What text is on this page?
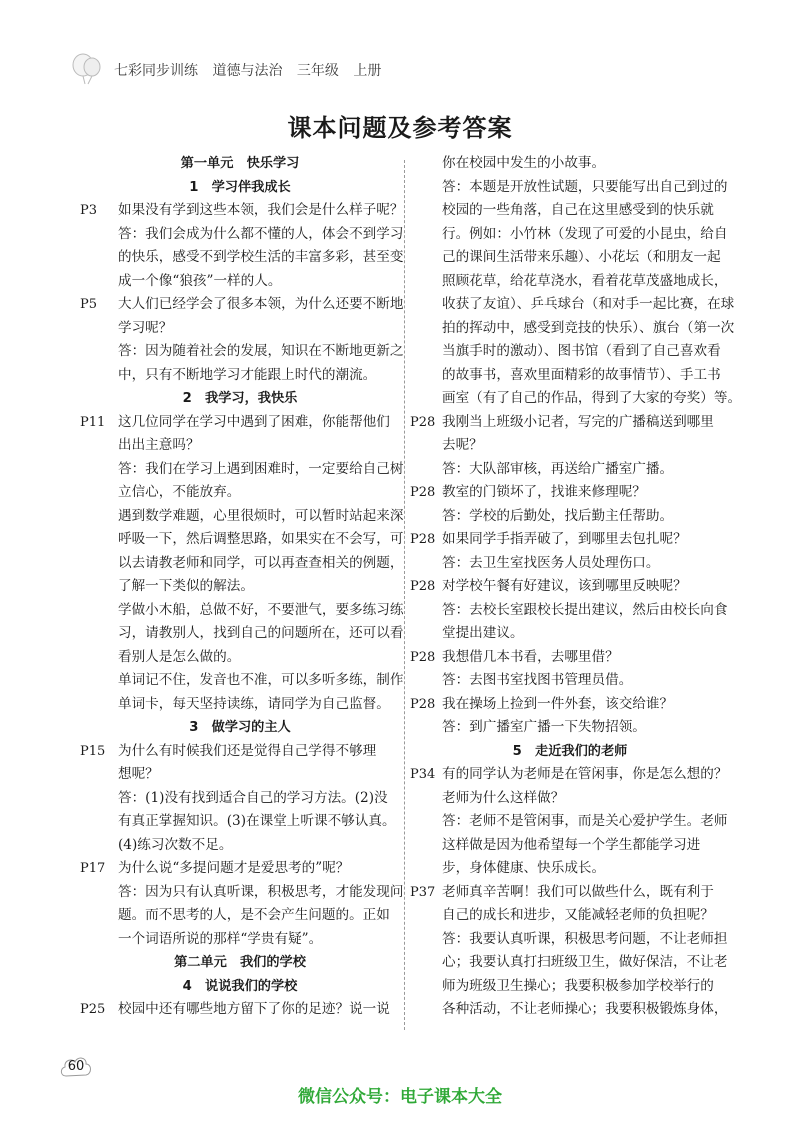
七彩同步训练 道德与法治 三年级 上册
课本问题及参考答案
第一单元　快乐学习
1　学习伴我成长
P3	如果没有学到这些本领，我们会是什么样子呢？
答：我们会成为什么都不懂的人，体会不到学习
的快乐，感受不到学校生活的丰富多彩，甚至变
成一个像“狼孩”一样的人。
P5	大人们已经学会了很多本领，为什么还要不断地
学习呢？
答：因为随着社会的发展，知识在不断地更新之
中，只有不断地学习才能跟上时代的潮流。
2　我学习，我快乐
P11 这几位同学在学习中遇到了困难，你能帮他们
出出主意吗？
答：我们在学习上遇到困难时，一定要给自己树
立信心，不能放弃。
遇到数学难题，心里很烦时，可以暂时站起来深
呼吸一下，然后调整思路，如果实在不会写，可
以去请教老师和同学，可以再查查相关的例题，
了解一下类似的解法。
学做小木船，总做不好，不要泄气，要多练习练
习，请教别人，找到自己的问题所在，还可以看
看别人是怎么做的。
单词记不住，发音也不准，可以多听多练，制作
单词卡，每天坚持读练，请同学为自己监督。
3　做学习的主人
P15 为什么有时候我们还是觉得自己学得不够理
想呢？
答：(1)没有找到适合自己的学习方法。(2)没
有真正掌握知识。(3)在课堂上听课不够认真。
(4)练习次数不足。
P17 为什么说“多提问题才是爱思考的”呢？
答：因为只有认真听课，积极思考，才能发现问
题。而不思考的人，是不会产生问题的。正如
一个词语所说的那样“学贵有疑”。
第二单元　我们的学校
4　说说我们的学校
P25 校园中还有哪些地方留下了你的足迹？说一说
你在校园中发生的小故事。
答：本题是开放性试题，只要能写出自己到过的
校园的一些角落，自己在这里感受到的快乐就
行。例如：小竹林（发现了可爱的小昆虫，给自
己的课间生活带来乐趣）、小花坛（和朋友一起
照顾花草，给花草浇水，看着花草茂盛地成长，
收获了友谊）、乒乓球台（和对手一起比赛，在球
拍的挥动中，感受到竞技的快乐）、旗台（第一次
当旗手时的激动）、图书馆（看到了自己喜欢看
的故事书，喜欢里面精彩的故事情节）、手工书
画室（有了自己的作品，得到了大家的夸奖）等。
P28 我刚当上班级小记者，写完的广播稿送到哪里
去呢？
答：大队部审核，再送给广播室广播。
P28 教室的门锁坏了，找谁来修理呢？
答：学校的后勤处，找后勤主任帮助。
P28 如果同学手指弄破了，到哪里去包扎呢？
答：去卫生室找医务人员处理伤口。
P28 对学校午餐有好建议，该到哪里反映呢？
答：去校长室跟校长提出建议，然后由校长向食
堂提出建议。
P28 我想借几本书看，去哪里借？
答：去图书室找图书管理员借。
P28 我在操场上捡到一件外套，该交给谁？
答：到广播室广播一下失物招领。
5　走近我们的老师
P34 有的同学认为老师是在管闲事，你是怎么想的？
老师为什么这样做？
答：老师不是管闲事，而是关心爱护学生。老师
这样做是因为他希望每一个学生都能学习进
步，身体健康、快乐成长。
P37 老师真辛苦啊！我们可以做些什么，既有利于
自己的成长和进步，又能减轻老师的负担呢？
答：我要认真听课，积极思考问题，不让老师担
心；我要认真打扫班级卫生，做好保洁，不让老
师为班级卫生操心；我要积极参加学校举行的
各种活动，不让老师操心；我要积极锻炼身体，
60
微信公众号：电子课本大全
